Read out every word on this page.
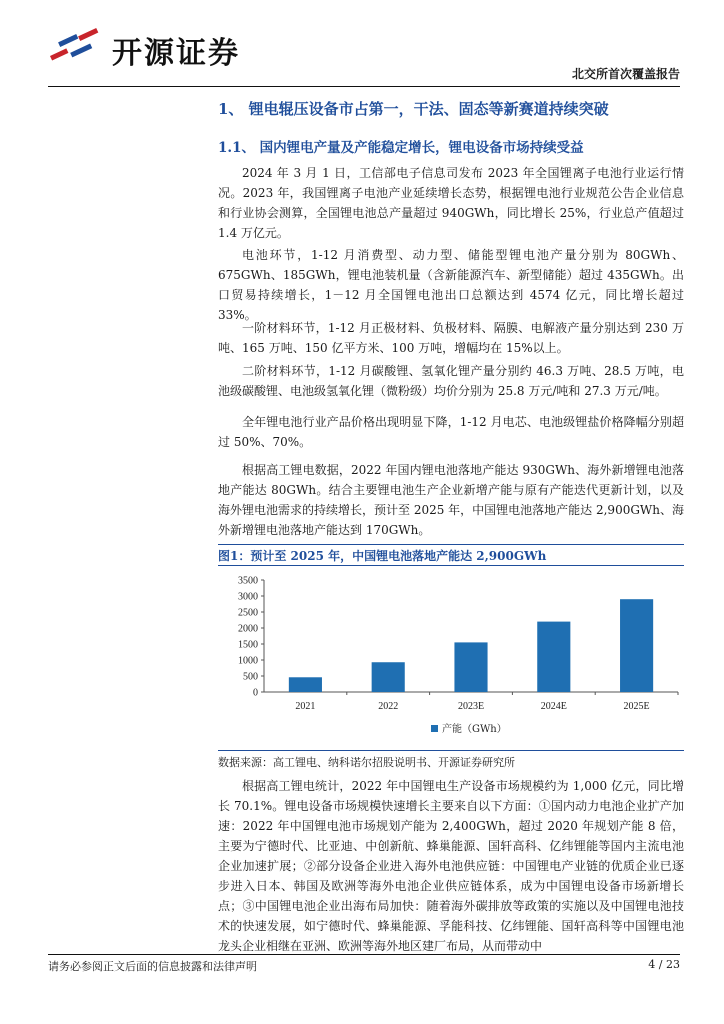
开源证券
北交所首次覆盖报告
1、 锂电辊压设备市占第一，干法、固态等新赛道持续突破
1.1、 国内锂电产量及产能稳定增长，锂电设备市场持续受益
2024 年 3 月 1 日，工信部电子信息司发布 2023 年全国锂离子电池行业运行情况。2023 年，我国锂离子电池产业延续增长态势，根据锂电池行业规范公告企业信息和行业协会测算，全国锂电池总产量超过 940GWh，同比增长 25%，行业总产值超过 1.4 万亿元。
电池环节，1-12 月消费型、动力型、储能型锂电池产量分别为 80GWh、675GWh、185GWh，锂电池装机量（含新能源汽车、新型储能）超过 435GWh。出口贸易持续增长，1－12 月全国锂电池出口总额达到 4574 亿元，同比增长超过 33%。
一阶材料环节，1-12 月正极材料、负极材料、隔膜、电解液产量分别达到 230 万吨、165 万吨、150 亿平方米、100 万吨，增幅均在 15%以上。
二阶材料环节，1-12 月碳酸锂、氢氧化锂产量分别约 46.3 万吨、28.5 万吨，电池级碳酸锂、电池级氢氧化锂（微粉级）均价分别为 25.8 万元/吨和 27.3 万元/吨。
全年锂电池行业产品价格出现明显下降，1-12 月电芯、电池级锂盐价格降幅分别超过 50%、70%。
根据高工锂电数据，2022 年国内锂电池落地产能达 930GWh、海外新增锂电池落地产能达 80GWh。结合主要锂电池生产企业新增产能与原有产能迭代更新计划，以及海外锂电池需求的持续增长，预计至 2025 年，中国锂电池落地产能达 2,900GWh、海外新增锂电池落地产能达到 170GWh。
图1：预计至 2025 年，中国锂电池落地产能达 2,900GWh
0
500
1000
1500
2000
2500
3000
3500
2021	2022	2023E	2024E	2025E
产能（GWh）
数据来源：高工锂电、纳科诺尔招股说明书、开源证券研究所
根据高工锂电统计，2022 年中国锂电生产设备市场规模约为 1,000 亿元，同比增长 70.1%。锂电设备市场规模快速增长主要来自以下方面：①国内动力电池企业扩产加速：2022 年中国锂电池市场规划产能为 2,400GWh，超过 2020 年规划产能 8 倍，主要为宁德时代、比亚迪、中创新航、蜂巢能源、国轩高科、亿纬锂能等国内主流电池企业加速扩展；②部分设备企业进入海外电池供应链：中国锂电产业链的优质企业已逐步进入日本、韩国及欧洲等海外电池企业供应链体系，成为中国锂电设备市场新增长点；③中国锂电池企业出海布局加快：随着海外碳排放等政策的实施以及中国锂电池技术的快速发展，如宁德时代、蜂巢能源、孚能科技、亿纬锂能、国轩高科等中国锂电池龙头企业相继在亚洲、欧洲等海外地区建厂布局，从而带动中
请务必参阅正文后面的信息披露和法律声明	4 / 23
